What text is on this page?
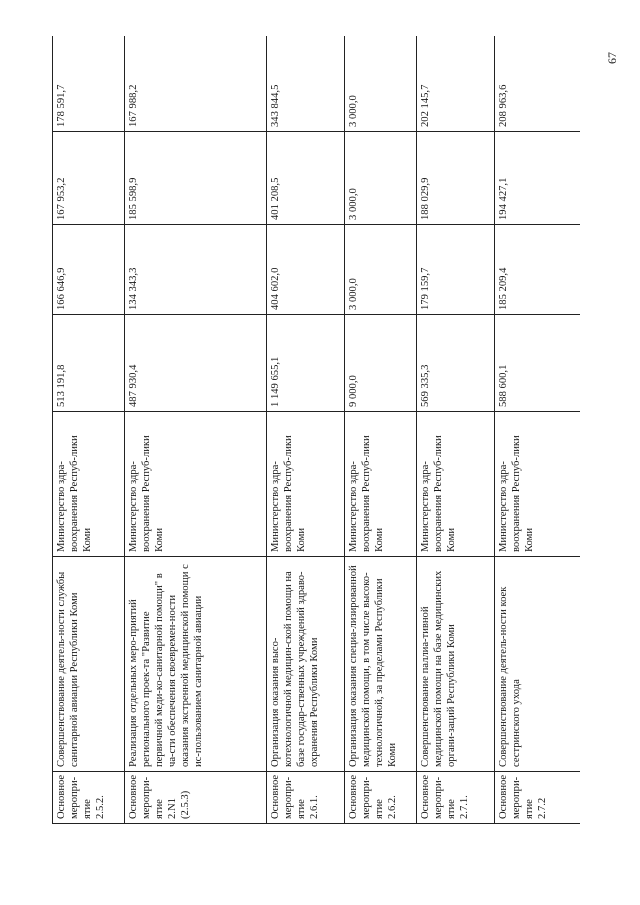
67
Основное меропри-ятие 2.5.2.	Совершенствование деятель-ности службы санитарной авиации Республики Коми	Министерство здра-воохранения Респуб-лики Коми	513 191,8	166 646,9	167 953,2	178 591,7
Основное меропри-ятие 2.N1 (2.5.3)	Реализация отдельных меро-приятий регионального проек-та "Развитие первичной меди-ко-санитарной помощи" в ча-сти обеспечения своевремен-ности оказания экстренной медицинской помощи с ис-пользованием санитарной авиации	Министерство здра-воохранения Респуб-лики Коми	487 930,4	134 343,3	185 598,9	167 988,2
Основное меропри-ятие 2.6.1.	Организация оказания высо-котехнологичной медицин-ской помощи на базе государ-ственных учреждений здраво-охранения Республики Коми	Министерство здра-воохранения Респуб-лики Коми	1 149 655,1	404 602,0	401 208,5	343 844,5
Основное меропри-ятие 2.6.2.	Организация оказания специа-лизированной медицинской помощи, в том числе высоко-технологичной, за пределами Республики Коми	Министерство здра-воохранения Респуб-лики Коми	9 000,0	3 000,0	3 000,0	3 000,0
Основное меропри-ятие 2.7.1.	Совершенствование паллиа-тивной медицинской помощи на базе медицинских органи-заций Республики Коми	Министерство здра-воохранения Респуб-лики Коми	569 335,3	179 159,7	188 029,9	202 145,7
Основное меропри-ятие 2.7.2	Совершенствование деятель-ности коек сестринского ухода	Министерство здра-воохранения Респуб-лики Коми	588 600,1	185 209,4	194 427,1	208 963,6
